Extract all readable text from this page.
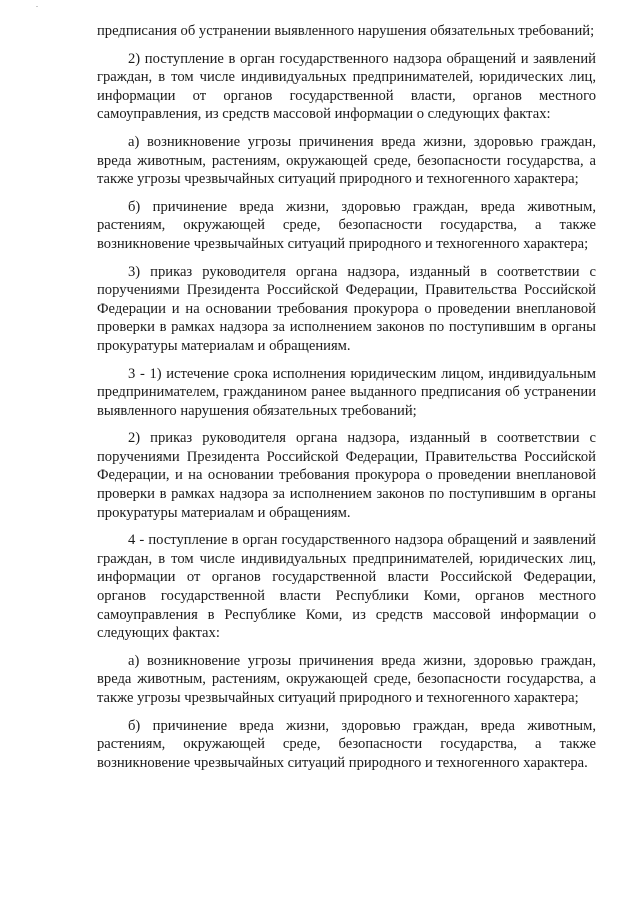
предписания об устранении выявленного нарушения обязательных требований;

2) поступление в орган государственного надзора обращений и заявлений граждан, в том числе индивидуальных предпринимателей, юридических лиц, информации от органов государственной власти, органов местного самоуправления, из средств массовой информации о следующих фактах:

а) возникновение угрозы причинения вреда жизни, здоровью граждан, вреда животным, растениям, окружающей среде, безопасности государства, а также угрозы чрезвычайных ситуаций природного и техногенного характера;

б) причинение вреда жизни, здоровью граждан, вреда животным, растениям, окружающей среде, безопасности государства, а также возникновение чрезвычайных ситуаций природного и техногенного характера;

3) приказ руководителя органа надзора, изданный в соответствии с поручениями Президента Российской Федерации, Правительства Российской Федерации и на основании требования прокурора о проведении внеплановой проверки в рамках надзора за исполнением законов по поступившим в органы прокуратуры материалам и обращениям.

3 - 1) истечение срока исполнения юридическим лицом, индивидуальным предпринимателем, гражданином ранее выданного предписания об устранении выявленного нарушения обязательных требований;

2) приказ руководителя органа надзора, изданный в соответствии с поручениями Президента Российской Федерации, Правительства Российской Федерации, и на основании требования прокурора о проведении внеплановой проверки в рамках надзора за исполнением законов по поступившим в органы прокуратуры материалам и обращениям.

4 - поступление в орган государственного надзора обращений и заявлений граждан, в том числе индивидуальных предпринимателей, юридических лиц, информации от органов государственной власти Российской Федерации, органов государственной власти Республики Коми, органов местного самоуправления в Республике Коми, из средств массовой информации о следующих фактах:

а) возникновение угрозы причинения вреда жизни, здоровью граждан, вреда животным, растениям, окружающей среде, безопасности государства, а также угрозы чрезвычайных ситуаций природного и техногенного характера;

б) причинение вреда жизни, здоровью граждан, вреда животным, растениям, окружающей среде, безопасности государства, а также возникновение чрезвычайных ситуаций природного и техногенного характера.
